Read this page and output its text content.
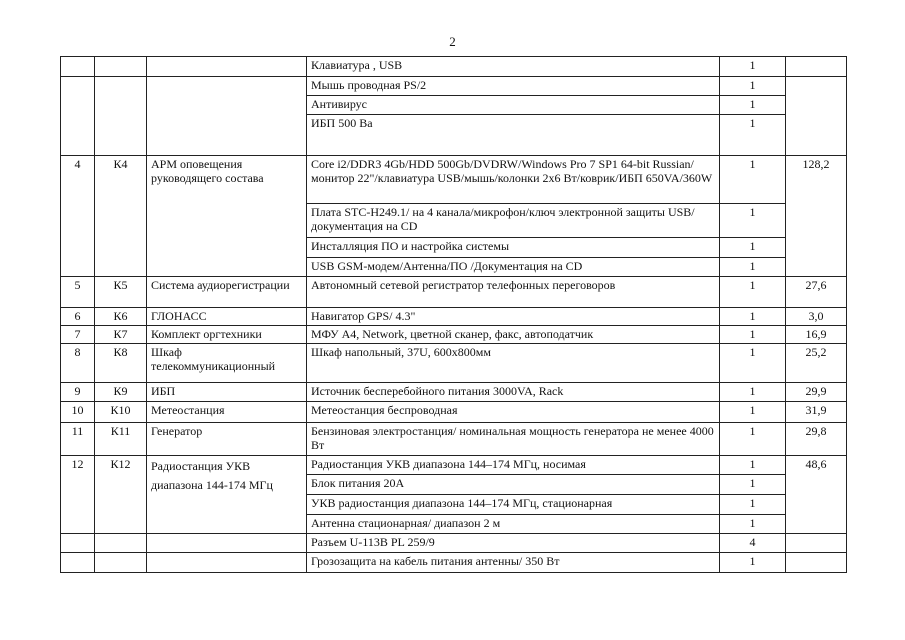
2
			Клавиатура , USB	1	
			Мышь проводная PS/2	1	
			Антивирус	1	
			ИБП 500 Ва	1	
4	К4	АРМ оповещения руководящего состава	Core i2/DDR3 4Gb/HDD 500Gb/DVDRW/Windows Pro 7 SP1 64-bit Russian/монитор 22"/клавиатура USB/мышь/колонки 2х6 Вт/коврик/ИБП 650VA/360W	1	128,2
			Плата STC-H249.1/ на 4 канала/микрофон/ключ электронной защиты USB/ документация на CD	1	
			Инсталляция ПО и настройка системы	1	
			USB GSM-модем/Антенна/ПО /Документация на CD	1	
5	К5	Система аудиорегистрации	Автономный сетевой регистратор телефонных переговоров	1	27,6
6	К6	ГЛОНАСС	Навигатор GPS/ 4.3"	1	3,0
7	К7	Комплект оргтехники	МФУ А4, Network, цветной сканер, факс, автоподатчик	1	16,9
8	К8	Шкаф телекоммуникационный	Шкаф напольный, 37U, 600х800мм	1	25,2
9	К9	ИБП	Источник бесперебойного питания 3000VA, Rack	1	29,9
10	К10	Метеостанция	Метеостанция беспроводная	1	31,9
11	К11	Генератор	Бензиновая электростанция/ номинальная мощность генератора не менее 4000 Вт	1	29,8
12	К12	Радиостанция УКВ диапазона 144-174 МГц	Радиостанция УКВ диапазона 144–174 МГц, носимая	1	48,6
			Блок питания 20А	1	
			УКВ радиостанция диапазона 144–174 МГц, стационарная	1	
			Антенна стационарная/ диапазон 2 м	1	
			Разъем U-113B PL 259/9	4	
			Грозозащита на кабель питания антенны/ 350 Вт	1	
